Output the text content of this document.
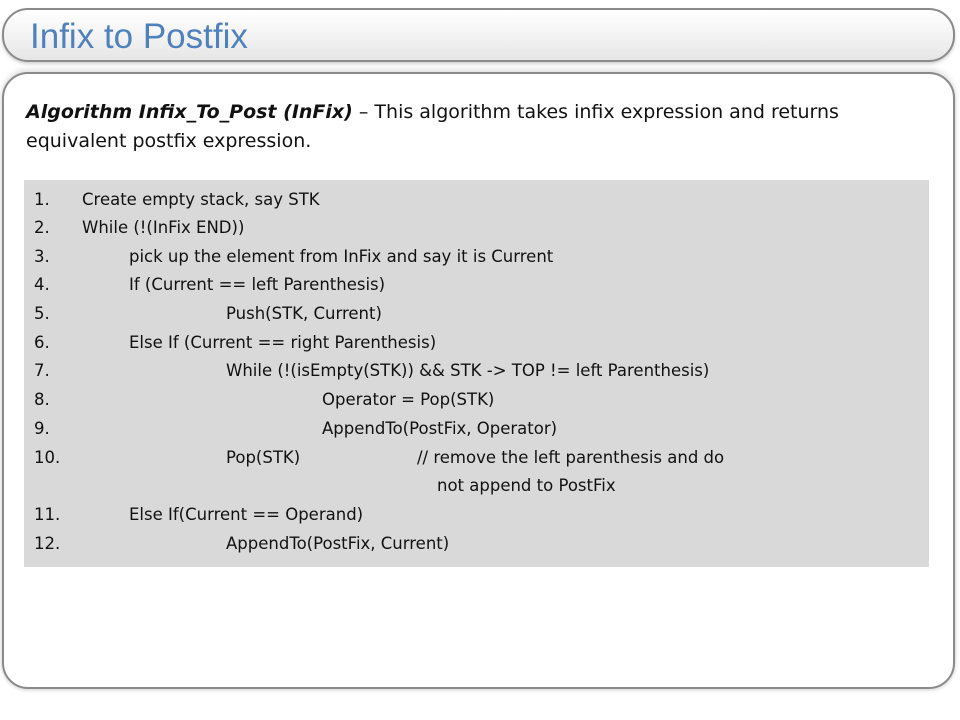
Infix to Postfix
Algorithm Infix_To_Post (InFix) – This algorithm takes infix expression and returns equivalent postfix expression.
1. Create empty stack, say STK
2. While (!(InFix END))
3.	pick up the element from InFix and say it is Current
4.	If (Current == left Parenthesis)
5.	Push(STK, Current)
6.	Else If (Current == right Parenthesis)
7.	While (!(isEmpty(STK)) && STK -> TOP != left Parenthesis)
8.	Operator = Pop(STK)
9.	AppendTo(PostFix, Operator)
10.	Pop(STK)	// remove the left parenthesis and do
not append to PostFix
11.	Else If(Current == Operand)
12.	AppendTo(PostFix, Current)
